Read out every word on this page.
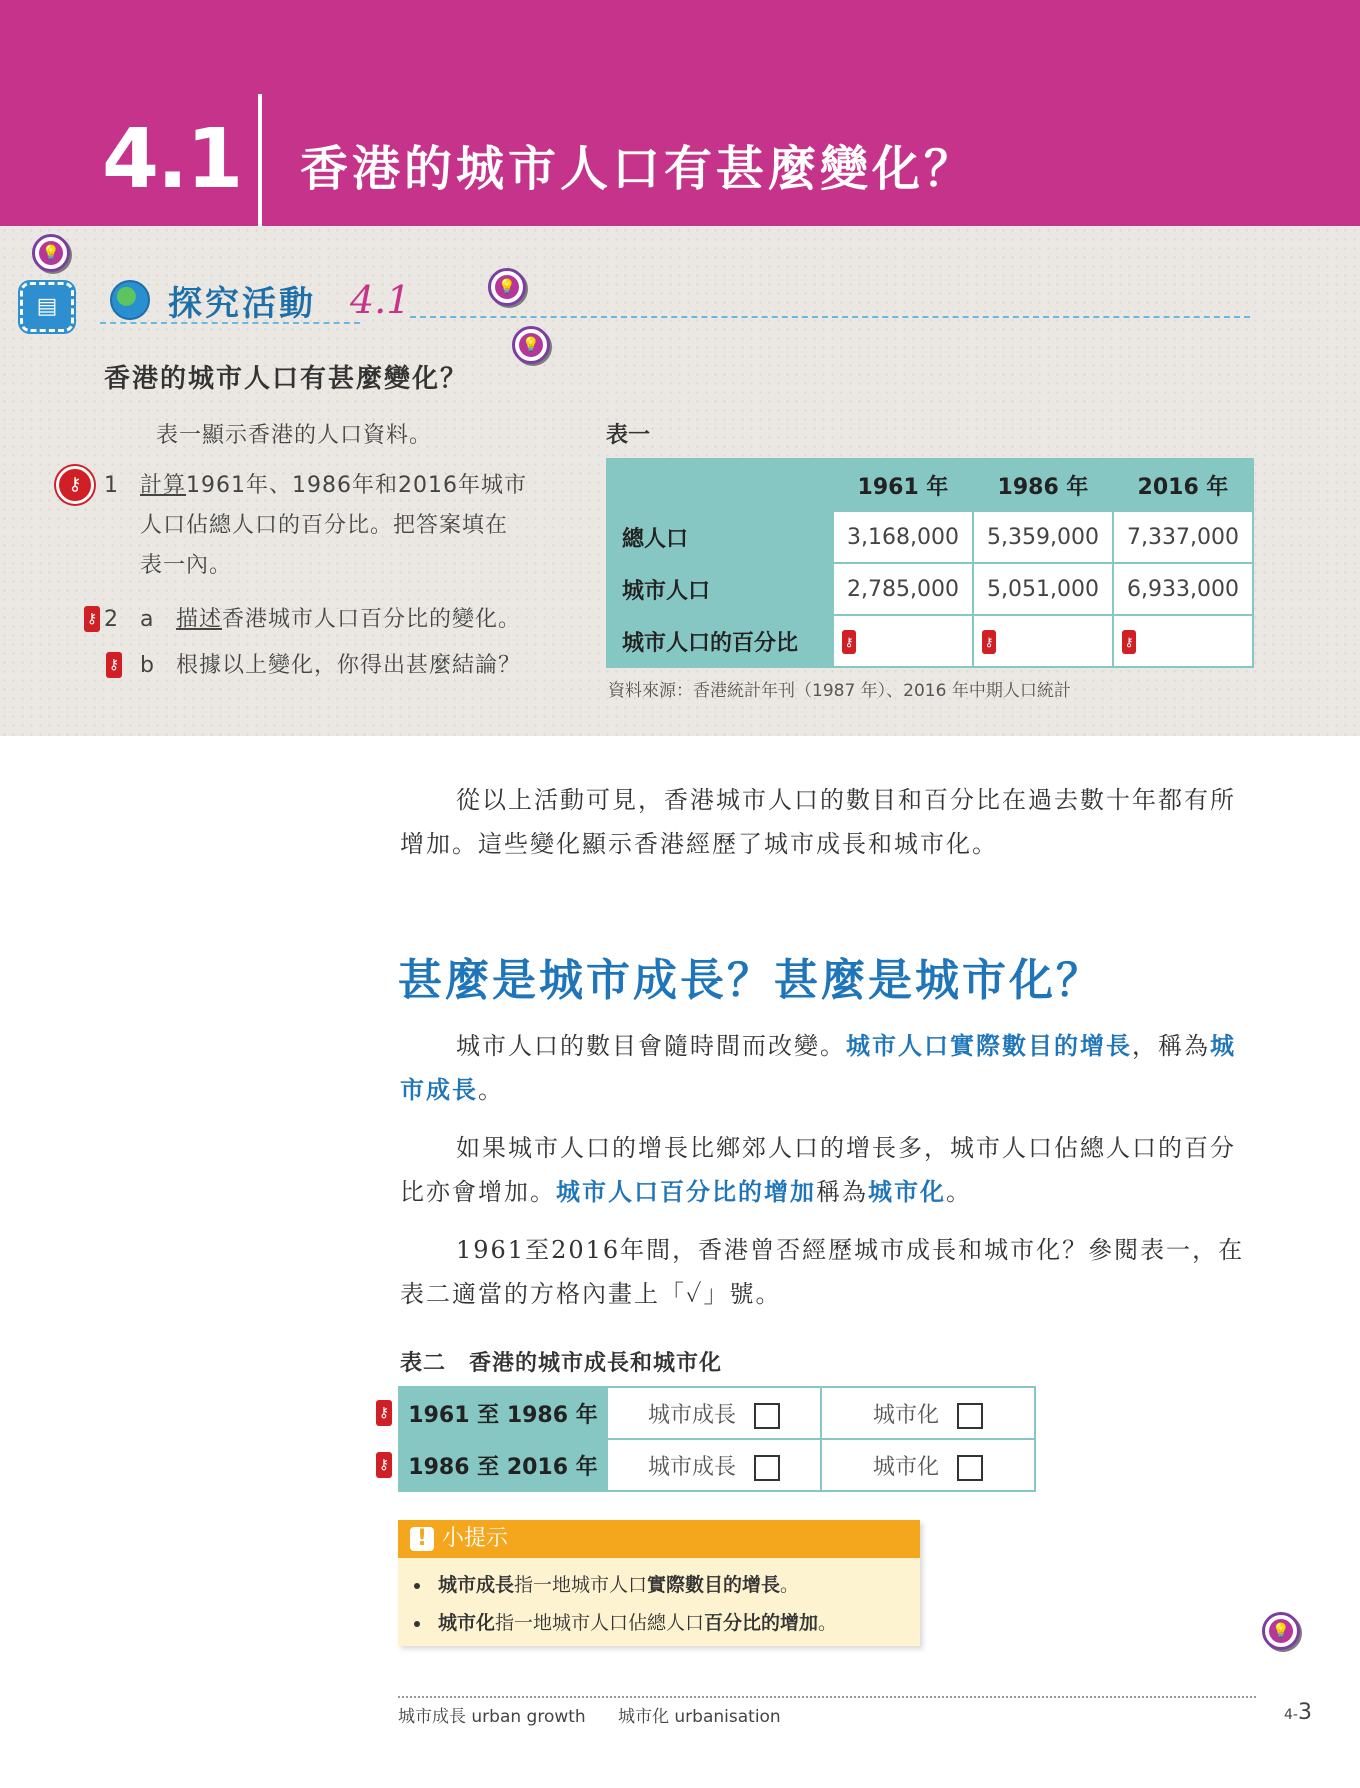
4.1 香港的城市人口有甚麼變化？
💡
▤
💡
💡
探究活動 4.1
香港的城市人口有甚麼變化？
表一顯示香港的人口資料。
⚷	1 計算1961年、1986年和2016年城市
人口佔總人口的百分比。把答案填在
表一內。
⚷ 2 a 描述香港城市人口百分比的變化。
⚷ b 根據以上變化，你得出甚麼結論？
表一
	1961 年	1986 年	2016 年
總人口	3,168,000	5,359,000	7,337,000
城市人口	2,785,000	5,051,000	6,933,000
城市人口的百分比	⚷	⚷	⚷
資料來源：香港統計年刊（1987 年）、2016 年中期人口統計
從以上活動可見，香港城市人口的數目和百分比在過去數十年都有所增加。這些變化顯示香港經歷了城市成長和城市化。
甚麼是城市成長？甚麼是城市化？
城市人口的數目會隨時間而改變。城市人口實際數目的增長，稱為城市成長。
如果城市人口的增長比鄉郊人口的增長多，城市人口佔總人口的百分比亦會增加。城市人口百分比的增加稱為城市化。
1961至2016年間，香港曾否經歷城市成長和城市化？參閱表一，在表二適當的方格內畫上「✓」號。
表二　香港的城市成長和城市化
⚷
⚷
1961 至 1986 年	城市成長	城市化
1986 至 2016 年	城市成長	城市化
! 小提示
城市成長指一地城市人口實際數目的增長。
城市化指一地城市人口佔總人口百分比的增加。	💡
城市成長 urban growth 城市化 urbanisation	4-3
